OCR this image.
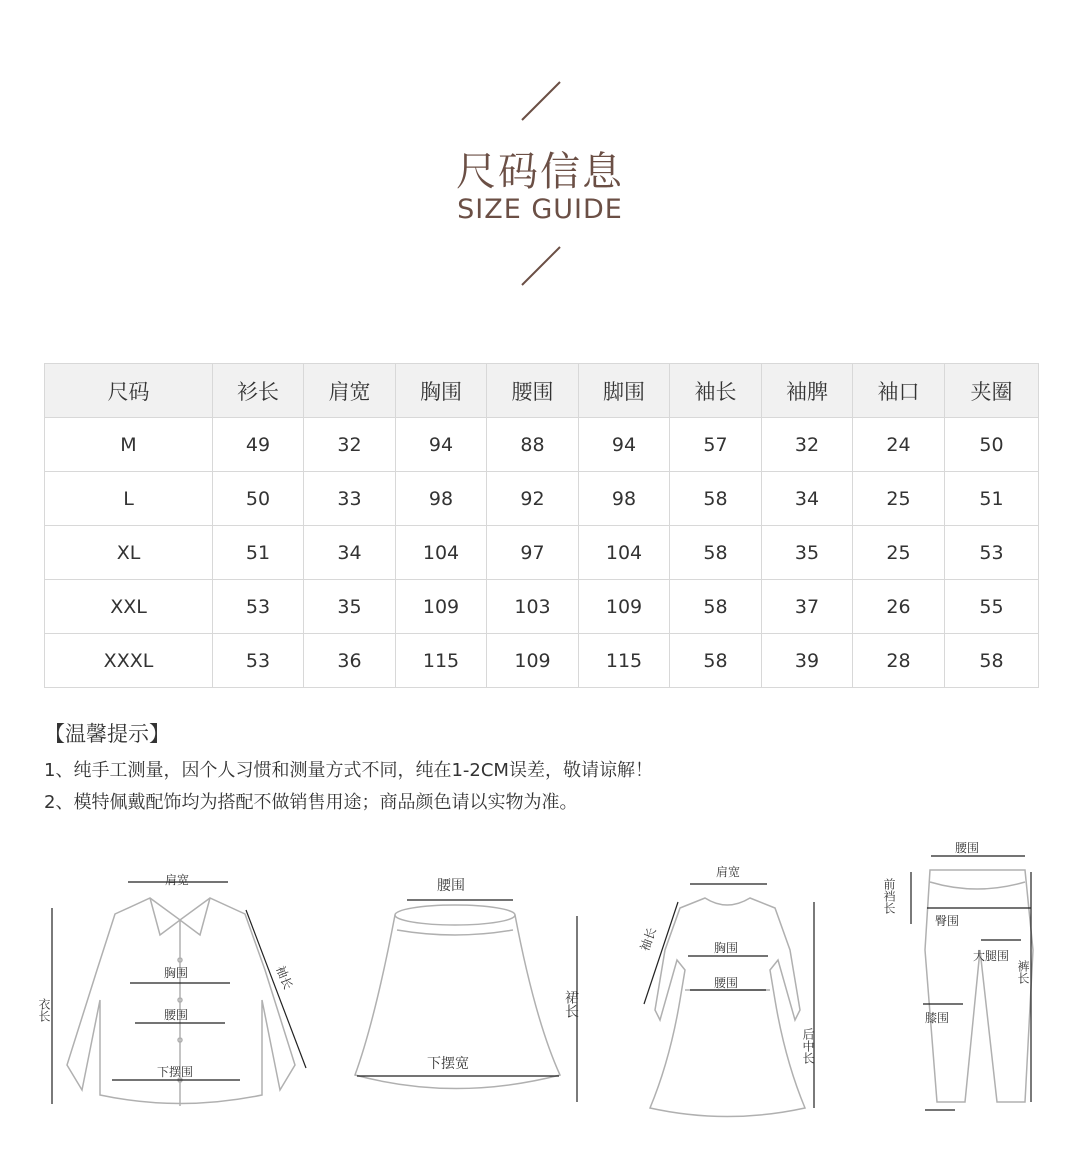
尺码信息
SIZE GUIDE
尺码	衫长	肩宽	胸围	腰围	脚围	袖长	袖脾	袖口	夹圈
M	49	32	94	88	94	57	32	24	50
L	50	33	98	92	98	58	34	25	51
XL	51	34	104	97	104	58	35	25	53
XXL	53	35	109	103	109	58	37	26	55
XXXL	53	36	115	109	115	58	39	28	58
【温馨提示】
1、纯手工测量，因个人习惯和测量方式不同，纯在1-2CM误差，敬请谅解！
2、模特佩戴配饰均为搭配不做销售用途；商品颜色请以实物为准。
肩宽
衣长
胸围
腰围
下摆围
袖长
腰围
裙长
下摆宽
肩宽
袖长	胸围
腰围
后中长
腰围
前裆长
臀围
大腿围
膝围
裤长
